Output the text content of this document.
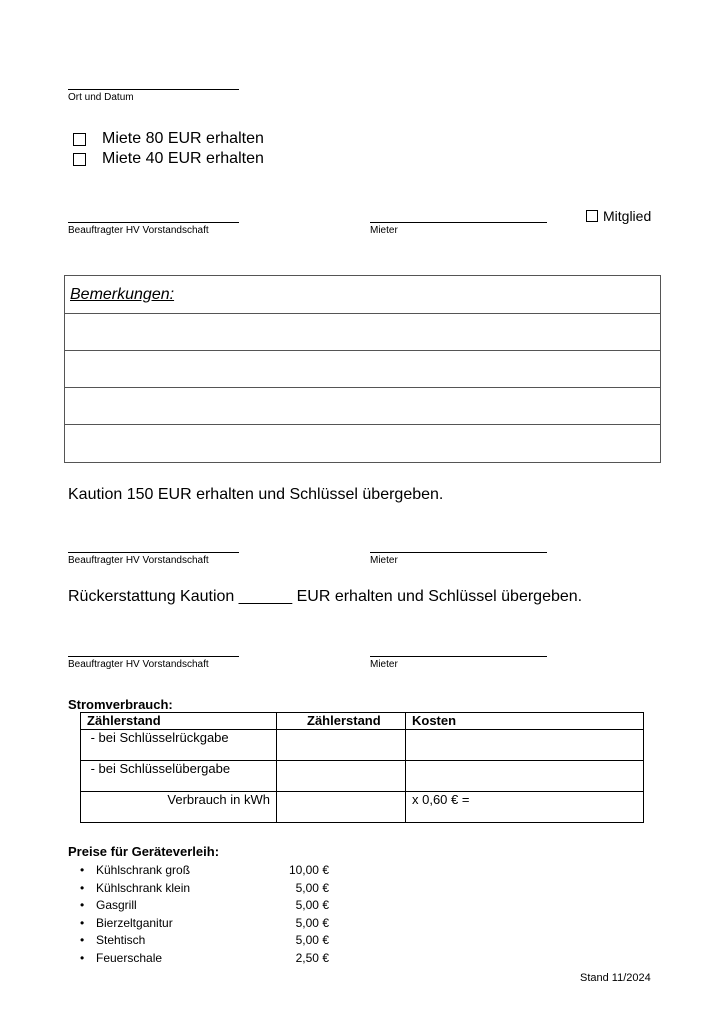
Ort und Datum
Miete 80 EUR erhalten
Miete 40 EUR erhalten
Beauftragter HV Vorstandschaft	Mieter
Mitglied
Bemerkungen:
Kaution 150 EUR erhalten und Schlüssel übergeben.
Beauftragter HV Vorstandschaft	Mieter
Rückerstattung Kaution ______ EUR erhalten und Schlüssel übergeben.
Beauftragter HV Vorstandschaft	Mieter
Stromverbrauch:
Zählerstand	Zählerstand	Kosten
- bei Schlüsselrückgabe		
- bei Schlüsselübergabe		
Verbrauch in kWh		x 0,60 € =
Preise für Geräteverleih:
• Kühlschrank groß	10,00 €
• Kühlschrank klein	5,00 €
• Gasgrill	5,00 €
• Bierzeltganitur	5,00 €
• Stehtisch	5,00 €
• Feuerschale	2,50 €
Stand 11/2024
